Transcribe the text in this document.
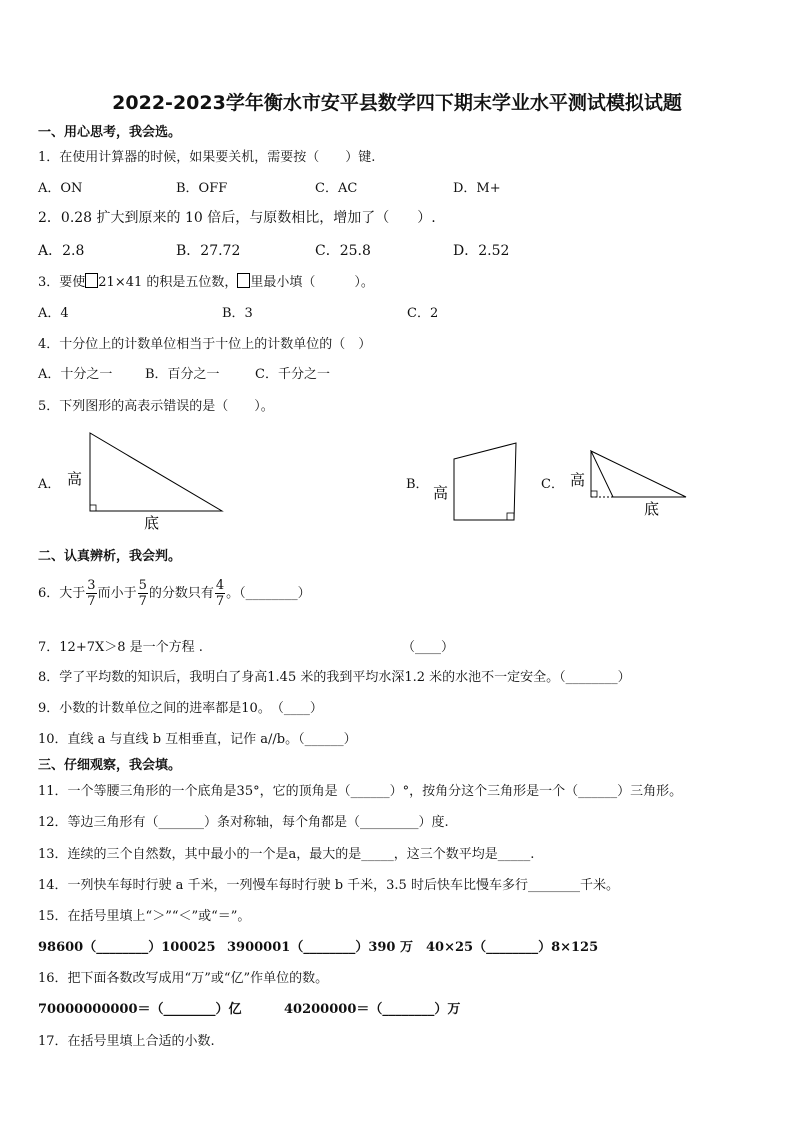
2022-2023学年衡水市安平县数学四下期末学业水平测试模拟试题
一、用心思考，我会选。
1．在使用计算器的时候，如果要关机，需要按（　　）键.
A．ON	B．OFF	C．AC	D．M+
2．0.28 扩大到原来的 10 倍后，与原数相比，增加了（　　）.
A．2.8	B．27.72	C．25.8	D．2.52
3．要使 21×41 的积是五位数， 里最小填（　　　）。
A．4	B．3	C．2
4．十分位上的计数单位相当于十位上的计数单位的（　）
A．十分之一	B．百分之一	C．千分之一
5．下列图形的高表示错误的是（　　）。
A．	B．	C．
高
底
高
高
底
二、认真辨析，我会判。
6．大于 $\frac{3}{7}$ 而小于 $\frac{5}{7}$ 的分数只有 $\frac{4}{7}$ 。（________）
7．12+7X＞8 是一个方程 .	（____）
8．学了平均数的知识后，我明白了身高1.45 米的我到平均水深1.2 米的水池不一定安全。（________）
9．小数的计数单位之间的进率都是10。　（____）
10．直线 a 与直线 b 互相垂直，记作 a//b。（______）
三、仔细观察，我会填。
11．一个等腰三角形的一个底角是35°，它的顶角是（______）°，按角分这个三角形是一个（______）三角形。
12．等边三角形有（_______）条对称轴，每个角都是（_________）度.
13．连续的三个自然数，其中最小的一个是a，最大的是_____，这三个数平均是_____.
14．一列快车每时行驶 a 千米，一列慢车每时行驶 b 千米，3.5 时后快车比慢车多行________千米。
15．在括号里填上“＞”“＜”或“＝”。
98600（________）100025 3900001（________）390 万 40×25（________）8×125
16．把下面各数改写成用“万”或“亿”作单位的数。
70000000000＝（________）亿	40200000＝（________）万
17．在括号里填上合适的小数.
